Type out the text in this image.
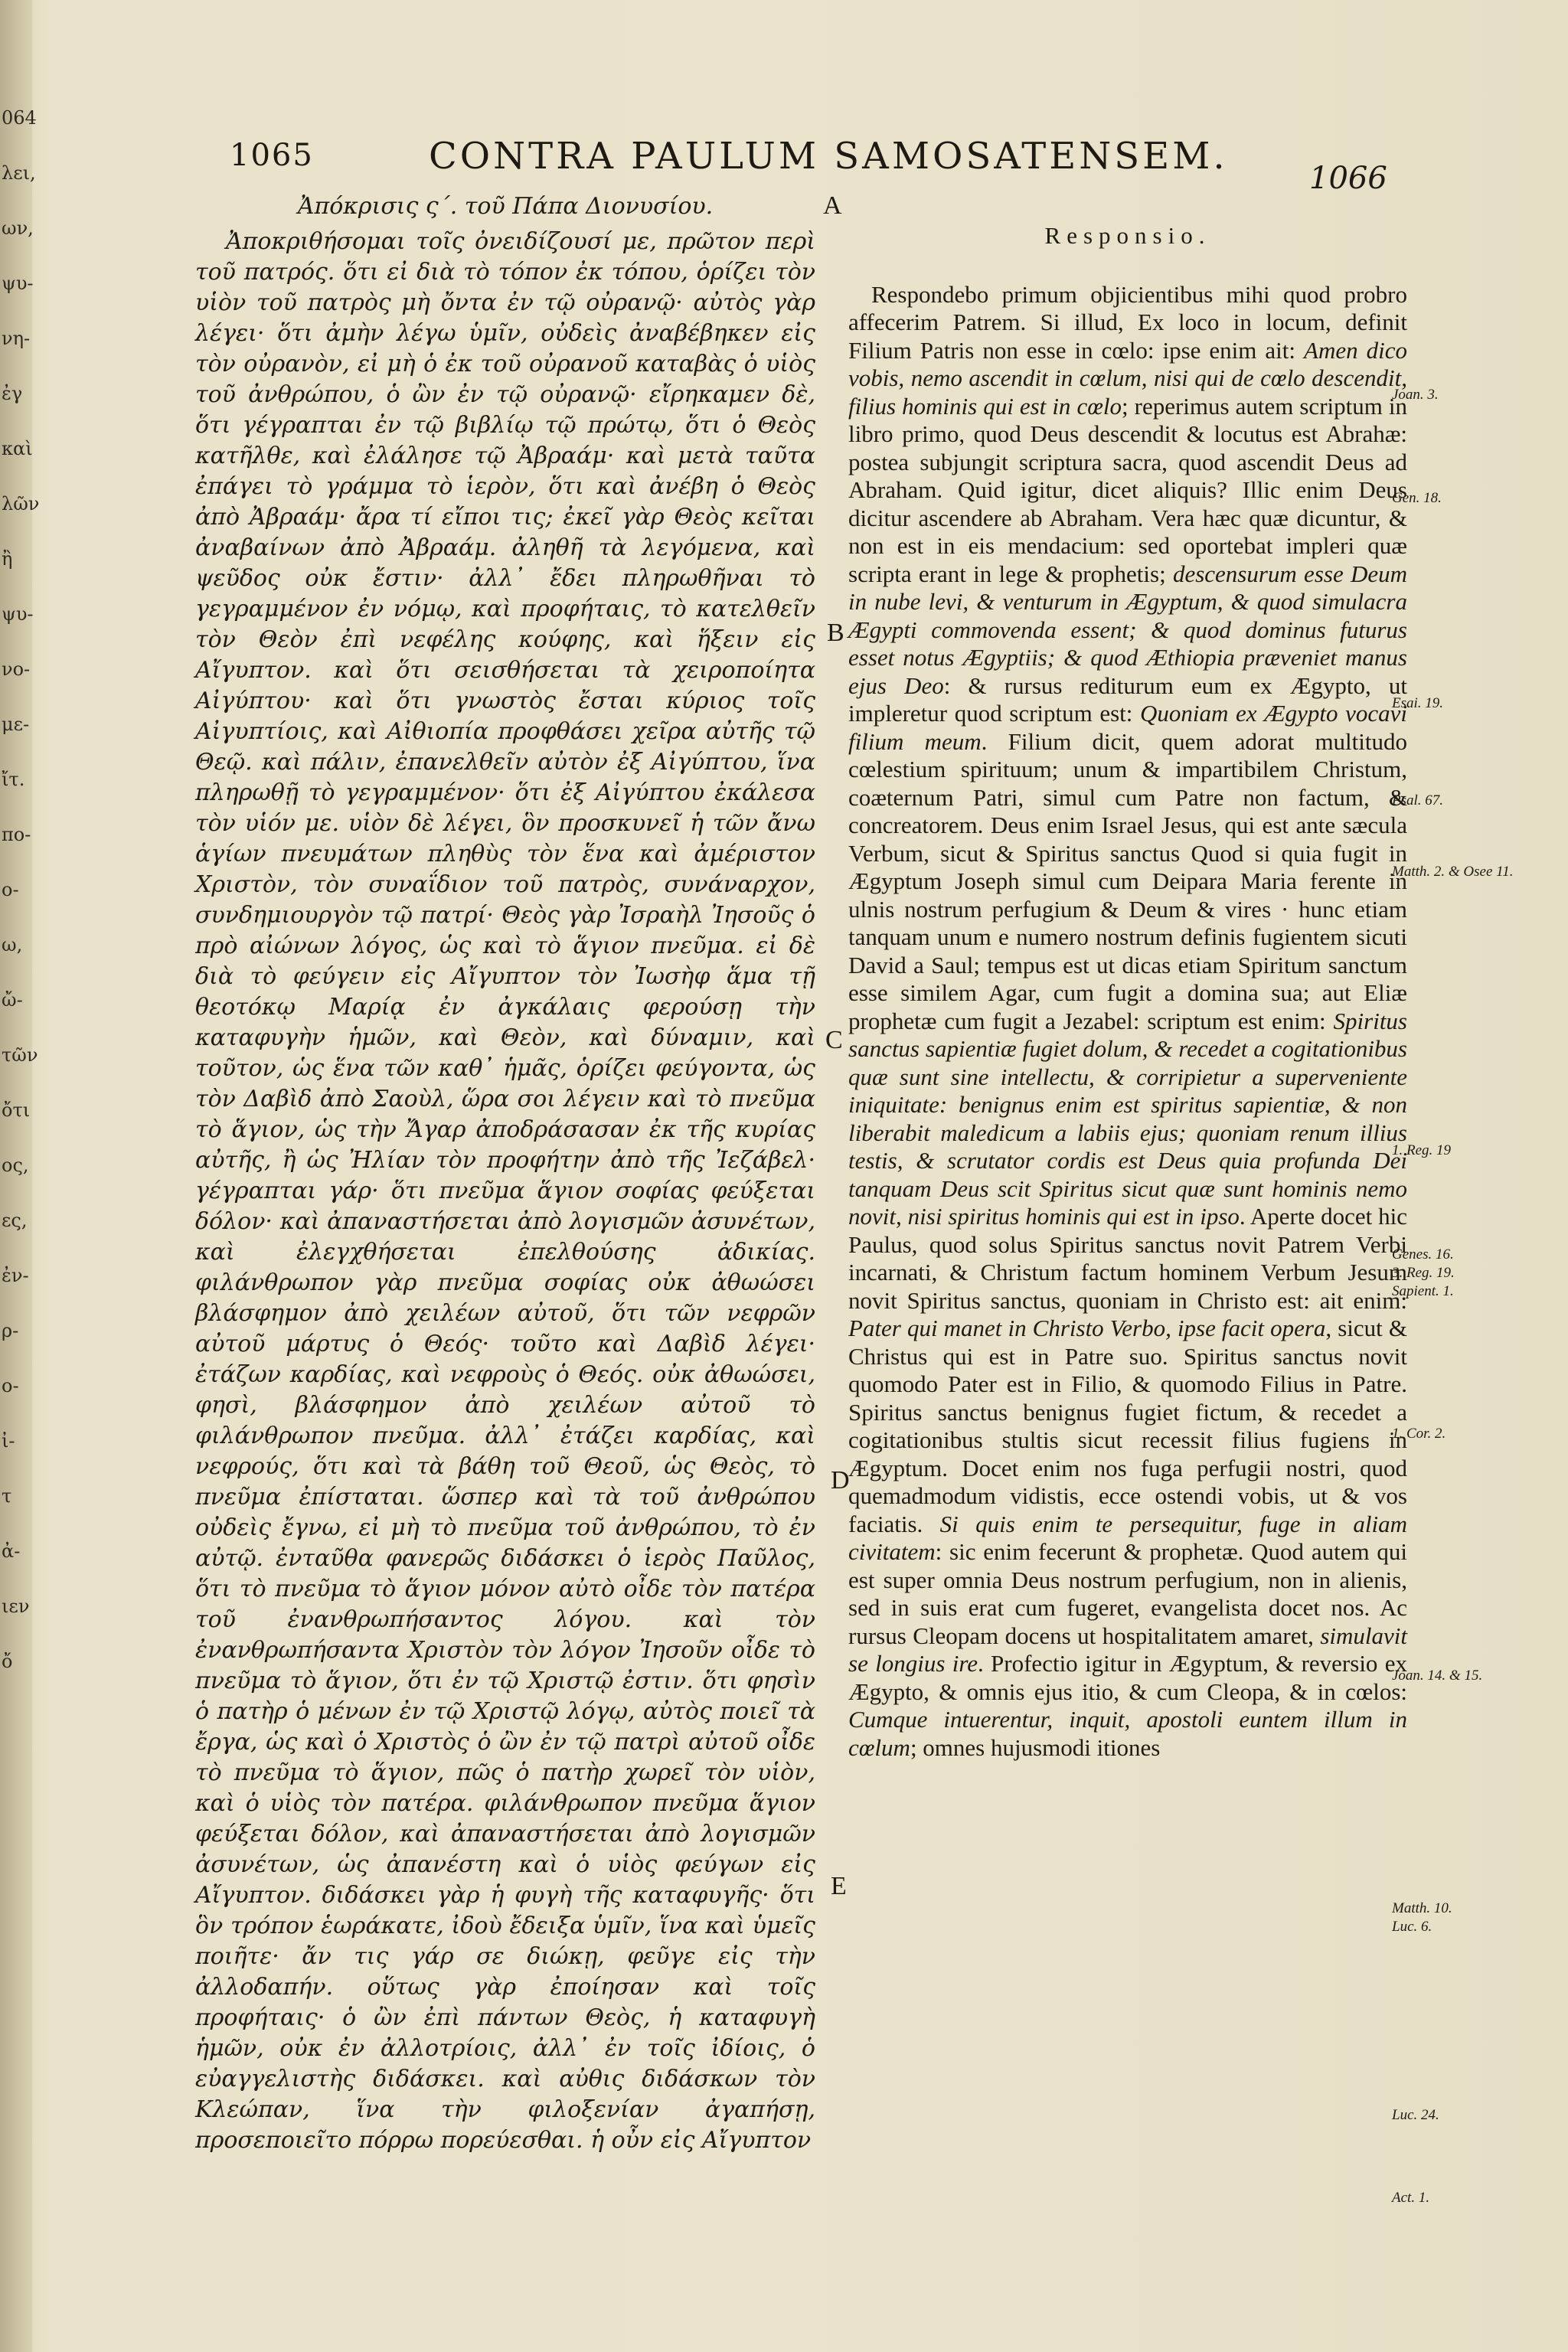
064
λει,
ων,
ψυ-
νη-
ἐγ
καὶ
λῶν
ἢ
ψυ-
νο-
με-
ἴτ.
πο-
ο-
ω,
ὤ-
τῶν
ὄτι
ος,
ες,
ἐν-
ρ-
ο-
ἰ-
τ
ἀ-
ιεν
ὄ
1065	CONTRA PAULUM SAMOSATENSEM.
1066
Ἀπόκρισις ς΄. τοῦ Πάπα Διονυσίου.

Ἀποκριθήσομαι τοῖς ὀνειδίζουσί με, πρῶτον περὶ τοῦ πατρός. ὅτι εἰ διὰ τὸ τόπον ἐκ τόπου, ὁρίζει τὸν υἱὸν τοῦ πατρὸς μὴ ὄντα ἐν τῷ οὐρανῷ· αὐτὸς γὰρ λέγει· ὅτι ἀμὴν λέγω ὑμῖν, οὐδεὶς ἀναβέβηκεν εἰς τὸν οὐρανὸν, εἰ μὴ ὁ ἐκ τοῦ οὐρανοῦ καταβὰς ὁ υἱὸς τοῦ ἀνθρώπου, ὁ ὢν ἐν τῷ οὐρανῷ· εἴρηκαμεν δὲ, ὅτι γέγραπται ἐν τῷ βιβλίῳ τῷ πρώτῳ, ὅτι ὁ Θεὸς κατῆλθε, καὶ ἐλάλησε τῷ Ἀβραάμ· καὶ μετὰ ταῦτα ἐπάγει τὸ γράμμα τὸ ἱερὸν, ὅτι καὶ ἀνέβη ὁ Θεὸς ἀπὸ Ἀβραάμ· ἄρα τί εἴποι τις; ἐκεῖ γὰρ Θεὸς κεῖται ἀναβαίνων ἀπὸ Ἀβραάμ. ἀληθῆ τὰ λεγόμενα, καὶ ψεῦδος οὐκ ἔστιν· ἀλλ᾽ ἔδει πληρωθῆναι τὸ γεγραμμένον ἐν νόμῳ, καὶ προφήταις, τὸ κατελθεῖν τὸν Θεὸν ἐπὶ νεφέλης κούφης, καὶ ἥξειν εἰς Αἴγυπτον. καὶ ὅτι σεισθήσεται τὰ χειροποίητα Αἰγύπτου· καὶ ὅτι γνωστὸς ἔσται κύριος τοῖς Αἰγυπτίοις, καὶ Αἰθιοπία προφθάσει χεῖρα αὐτῆς τῷ Θεῷ. καὶ πάλιν, ἐπανελθεῖν αὐτὸν ἐξ Αἰγύπτου, ἵνα πληρωθῇ τὸ γεγραμμένον· ὅτι ἐξ Αἰγύπτου ἐκάλεσα τὸν υἱόν με. υἱὸν δὲ λέγει, ὃν προσκυνεῖ ἡ τῶν ἄνω ἁγίων πνευμάτων πληθὺς τὸν ἕνα καὶ ἀμέριστον Χριστὸν, τὸν συναΐδιον τοῦ πατρὸς, συνάναρχον, συνδημιουργὸν τῷ πατρί· Θεὸς γὰρ Ἰσραὴλ Ἰησοῦς ὁ πρὸ αἰώνων λόγος, ὡς καὶ τὸ ἅγιον πνεῦμα. εἰ δὲ διὰ τὸ φεύγειν εἰς Αἴγυπτον τὸν Ἰωσὴφ ἅμα τῇ θεοτόκῳ Μαρίᾳ ἐν ἀγκάλαις φερούσῃ τὴν καταφυγὴν ἡμῶν, καὶ Θεὸν, καὶ δύναμιν, καὶ τοῦτον, ὡς ἕνα τῶν καθ᾽ ἡμᾶς, ὁρίζει φεύγοντα, ὡς τὸν Δαβὶδ ἀπὸ Σαοὺλ, ὥρα σοι λέγειν καὶ τὸ πνεῦμα τὸ ἅγιον, ὡς τὴν Ἄγαρ ἀποδράσασαν ἐκ τῆς κυρίας αὐτῆς, ἢ ὡς Ἠλίαν τὸν προφήτην ἀπὸ τῆς Ἰεζάβελ· γέγραπται γάρ· ὅτι πνεῦμα ἅγιον σοφίας φεύξεται δόλον· καὶ ἀπαναστήσεται ἀπὸ λογισμῶν ἀσυνέτων, καὶ ἐλεγχθήσεται ἐπελθούσης ἀδικίας. φιλάνθρωπον γὰρ πνεῦμα σοφίας οὐκ ἀθωώσει βλάσφημον ἀπὸ χειλέων αὐτοῦ, ὅτι τῶν νεφρῶν αὐτοῦ μάρτυς ὁ Θεός· τοῦτο καὶ Δαβὶδ λέγει· ἐτάζων καρδίας, καὶ νεφροὺς ὁ Θεός. οὐκ ἀθωώσει, φησὶ, βλάσφημον ἀπὸ χειλέων αὐτοῦ τὸ φιλάνθρωπον πνεῦμα. ἀλλ᾽ ἐτάζει καρδίας, καὶ νεφρούς, ὅτι καὶ τὰ βάθη τοῦ Θεοῦ, ὡς Θεὸς, τὸ πνεῦμα ἐπίσταται. ὥσπερ καὶ τὰ τοῦ ἀνθρώπου οὐδεὶς ἔγνω, εἰ μὴ τὸ πνεῦμα τοῦ ἀνθρώπου, τὸ ἐν αὐτῷ. ἐνταῦθα φανερῶς διδάσκει ὁ ἱερὸς Παῦλος, ὅτι τὸ πνεῦμα τὸ ἅγιον μόνον αὐτὸ οἶδε τὸν πατέρα τοῦ ἐνανθρωπήσαντος λόγου. καὶ τὸν ἐνανθρωπήσαντα Χριστὸν τὸν λόγον Ἰησοῦν οἶδε τὸ πνεῦμα τὸ ἅγιον, ὅτι ἐν τῷ Χριστῷ ἐστιν. ὅτι φησὶν ὁ πατὴρ ὁ μένων ἐν τῷ Χριστῷ λόγῳ, αὐτὸς ποιεῖ τὰ ἔργα, ὡς καὶ ὁ Χριστὸς ὁ ὢν ἐν τῷ πατρὶ αὐτοῦ οἶδε τὸ πνεῦμα τὸ ἅγιον, πῶς ὁ πατὴρ χωρεῖ τὸν υἱὸν, καὶ ὁ υἱὸς τὸν πατέρα. φιλάνθρωπον πνεῦμα ἅγιον φεύξεται δόλον, καὶ ἀπαναστήσεται ἀπὸ λογισμῶν ἀσυνέτων, ὡς ἀπανέστη καὶ ὁ υἱὸς φεύγων εἰς Αἴγυπτον. διδάσκει γὰρ ἡ φυγὴ τῆς καταφυγῆς· ὅτι ὃν τρόπον ἑωράκατε, ἰδοὺ ἔδειξα ὑμῖν, ἵνα καὶ ὑμεῖς ποιῆτε· ἄν τις γάρ σε διώκῃ, φεῦγε εἰς τὴν ἀλλοδαπήν. οὕτως γὰρ ἐποίησαν καὶ τοῖς προφήταις· ὁ ὢν ἐπὶ πάντων Θεὸς, ἡ καταφυγὴ ἡμῶν, οὐκ ἐν ἀλλοτρίοις, ἀλλ᾽ ἐν τοῖς ἰδίοις, ὁ εὐαγγελιστὴς διδάσκει. καὶ αὐθις διδάσκων τὸν Κλεώπαν, ἵνα τὴν φιλοξενίαν ἀγαπήσῃ, προσεποιεῖτο πόρρω πορεύεσθαι. ἡ οὖν εἰς Αἴγυπτον

Responsio.

Respondebo primum objicientibus mihi quod probro affecerim Patrem. Si illud, Ex loco in locum, definit Filium Patris non esse in cœlo: ipse enim ait: Amen dico vobis, nemo ascendit in cœlum, nisi qui de cœlo descendit, filius hominis qui est in cœlo; reperimus autem scriptum in libro primo, quod Deus descendit & locutus est Abrahæ: postea subjungit scriptura sacra, quod ascendit Deus ad Abraham. Quid igitur, dicet aliquis? Illic enim Deus dicitur ascendere ab Abraham. Vera hæc quæ dicuntur, & non est in eis mendacium: sed oportebat impleri quæ scripta erant in lege & prophetis; descensurum esse Deum in nube levi, & venturum in Ægyptum, & quod simulacra Ægypti commovenda essent; & quod dominus futurus esset notus Ægyptiis; & quod Æthiopia præveniet manus ejus Deo: & rursus rediturum eum ex Ægypto, ut impleretur quod scriptum est: Quoniam ex Ægypto vocavi filium meum. Filium dicit, quem adorat multitudo cœlestium spirituum; unum & impartibilem Christum, coæternum Patri, simul cum Patre non factum, & concreatorem. Deus enim Israel Jesus, qui est ante sæcula Verbum, sicut & Spiritus sanctus Quod si quia fugit in Ægyptum Joseph simul cum Deipara Maria ferente in ulnis nostrum perfugium & Deum & vires · hunc etiam tanquam unum e numero nostrum definis fugientem sicuti David a Saul; tempus est ut dicas etiam Spiritum sanctum esse similem Agar, cum fugit a domina sua; aut Eliæ prophetæ cum fugit a Jezabel: scriptum est enim: Spiritus sanctus sapientiæ fugiet dolum, & recedet a cogitationibus quæ sunt sine intellectu, & corripietur a superveniente iniquitate: benignus enim est spiritus sapientiæ, & non liberabit maledicum a labiis ejus; quoniam renum illius testis, & scrutator cordis est Deus quia profunda Dei tanquam Deus scit Spiritus sicut quæ sunt hominis nemo novit, nisi spiritus hominis qui est in ipso. Aperte docet hic Paulus, quod solus Spiritus sanctus novit Patrem Verbi incarnati, & Christum factum hominem Verbum Jesum novit Spiritus sanctus, quoniam in Christo est: ait enim: Pater qui manet in Christo Verbo, ipse facit opera, sicut & Christus qui est in Patre suo. Spiritus sanctus novit quomodo Pater est in Filio, & quomodo Filius in Patre. Spiritus sanctus benignus fugiet fictum, & recedet a cogitationibus stultis sicut recessit filius fugiens in Ægyptum. Docet enim nos fuga perfugii nostri, quod quemadmodum vidistis, ecce ostendi vobis, ut & vos faciatis. Si quis enim te persequitur, fuge in aliam civitatem: sic enim fecerunt & prophetæ. Quod autem qui est super omnia Deus nostrum perfugium, non in alienis, sed in suis erat cum fugeret, evangelista docet nos. Ac rursus Cleopam docens ut hospitalitatem amaret, simulavit se longius ire. Profectio igitur in Ægyptum, & reversio ex Ægypto, & omnis ejus itio, & cum Cleopa, & in cœlos: Cumque intuerentur, inquit, apostoli euntem illum in cœlum; omnes hujusmodi itiones

A
B
C
D
E
Joan. 3.
Gen. 18.
Esai. 19.
Psal. 67.
Matth. 2. & Osee 11.
1. Reg. 19
Genes. 16.
3. Reg. 19.
Sapient. 1.
1. Cor. 2.
Joan. 14. & 15.
Matth. 10.
Luc. 6.
Luc. 24.
Act. 1.
